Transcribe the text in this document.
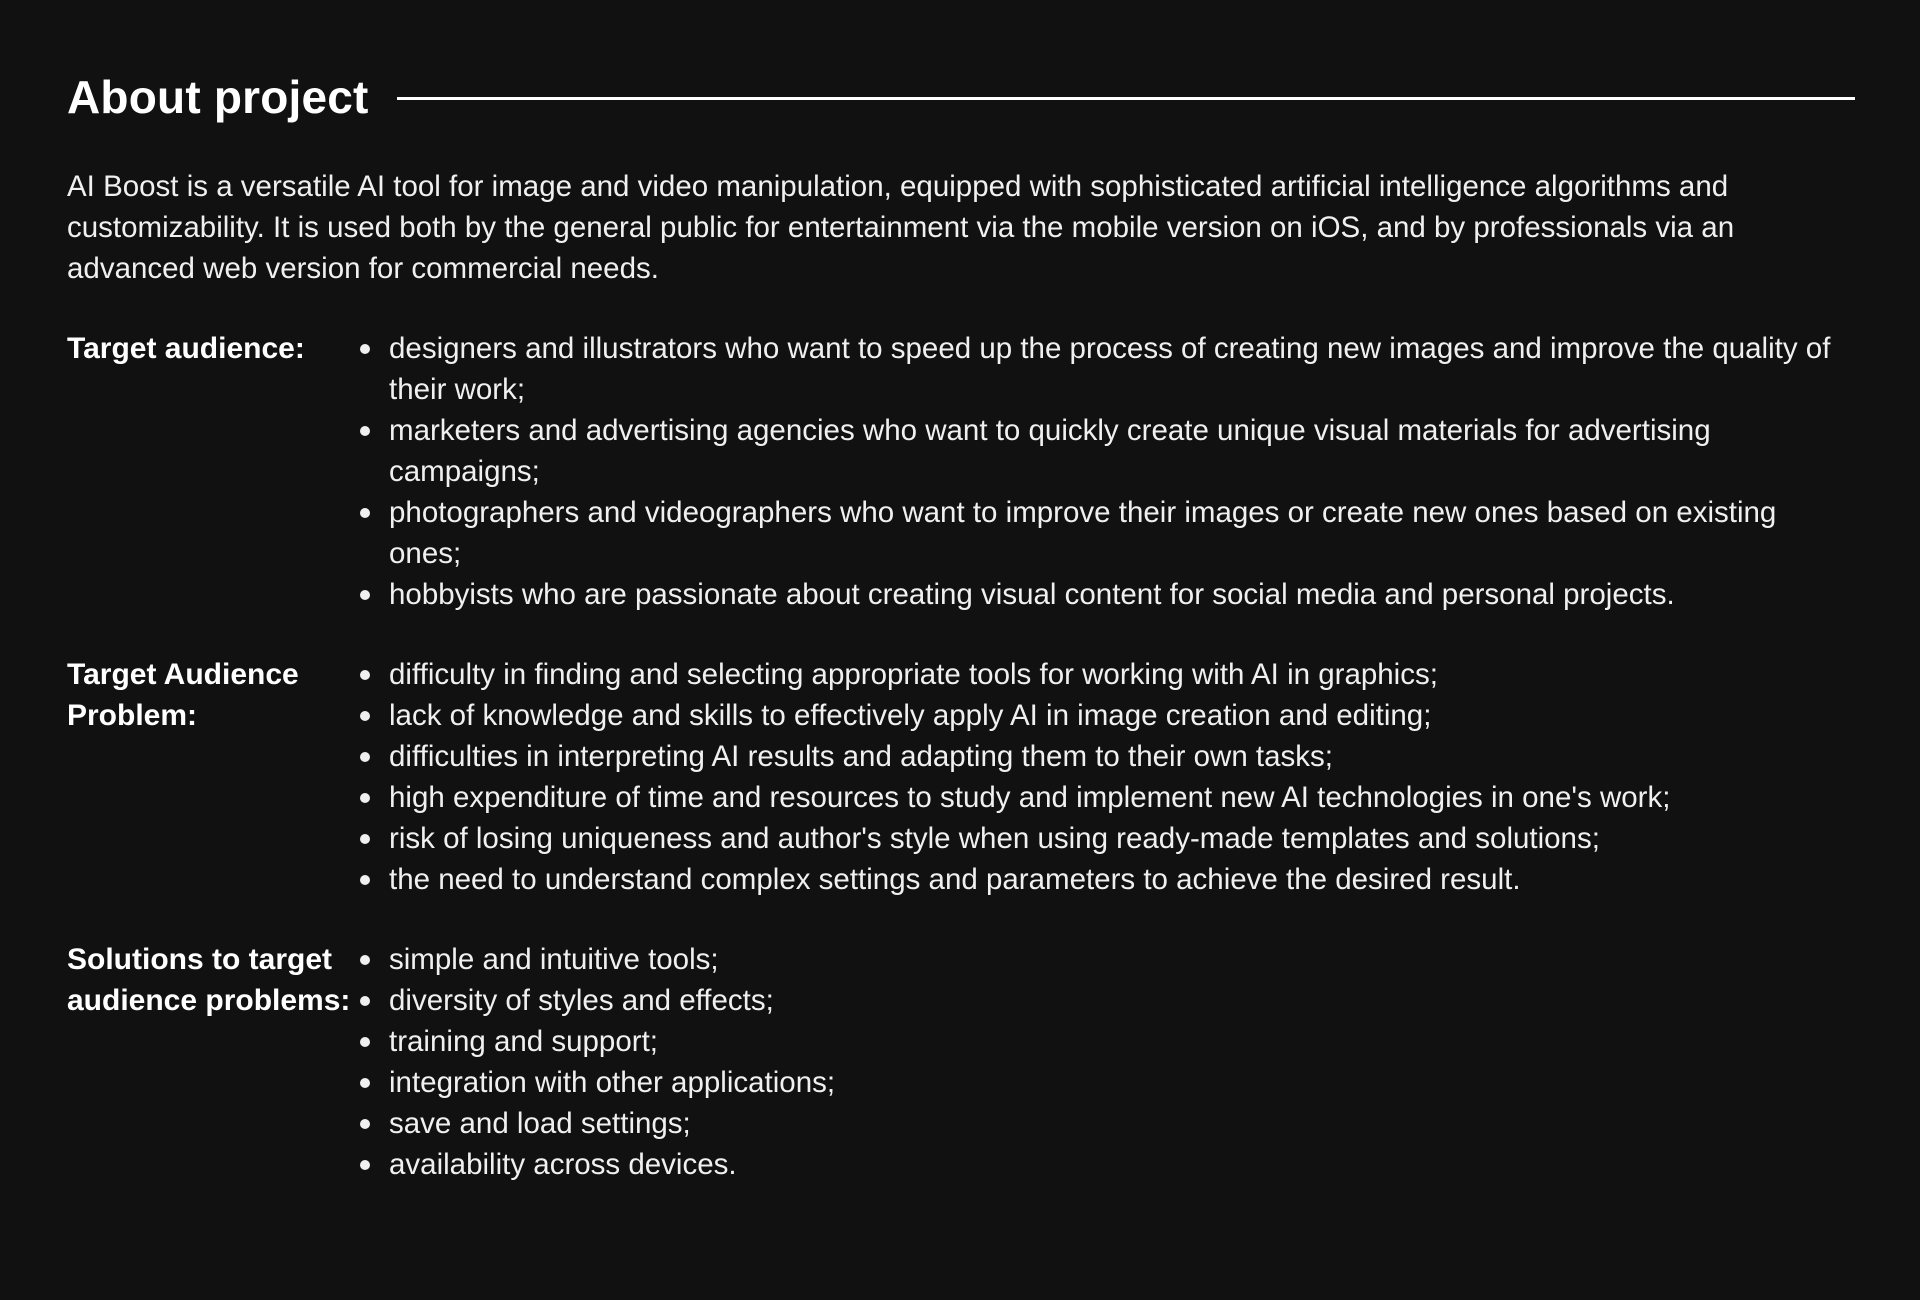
About project
AI Boost is a versatile AI tool for image and video manipulation, equipped with sophisticated artificial intelligence algorithms and customizability. It is used both by the general public for entertainment via the mobile version on iOS, and by professionals via an advanced web version for commercial needs.
Target audience:	designers and illustrators who want to speed up the process of creating new images and improve the quality of their work;
marketers and advertising agencies who want to quickly create unique visual materials for advertising campaigns;
photographers and videographers who want to improve their images or create new ones based on existing ones;
hobbyists who are passionate about creating visual content for social media and personal projects.
Target Audience Problem:
difficulty in finding and selecting appropriate tools for working with AI in graphics;
lack of knowledge and skills to effectively apply AI in image creation and editing;
difficulties in interpreting AI results and adapting them to their own tasks;
high expenditure of time and resources to study and implement new AI technologies in one's work;
risk of losing uniqueness and author's style when using ready-made templates and solutions;
the need to understand complex settings and parameters to achieve the desired result.
Solutions to target audience problems:
simple and intuitive tools;
diversity of styles and effects;
training and support;
integration with other applications;
save and load settings;
availability across devices.
